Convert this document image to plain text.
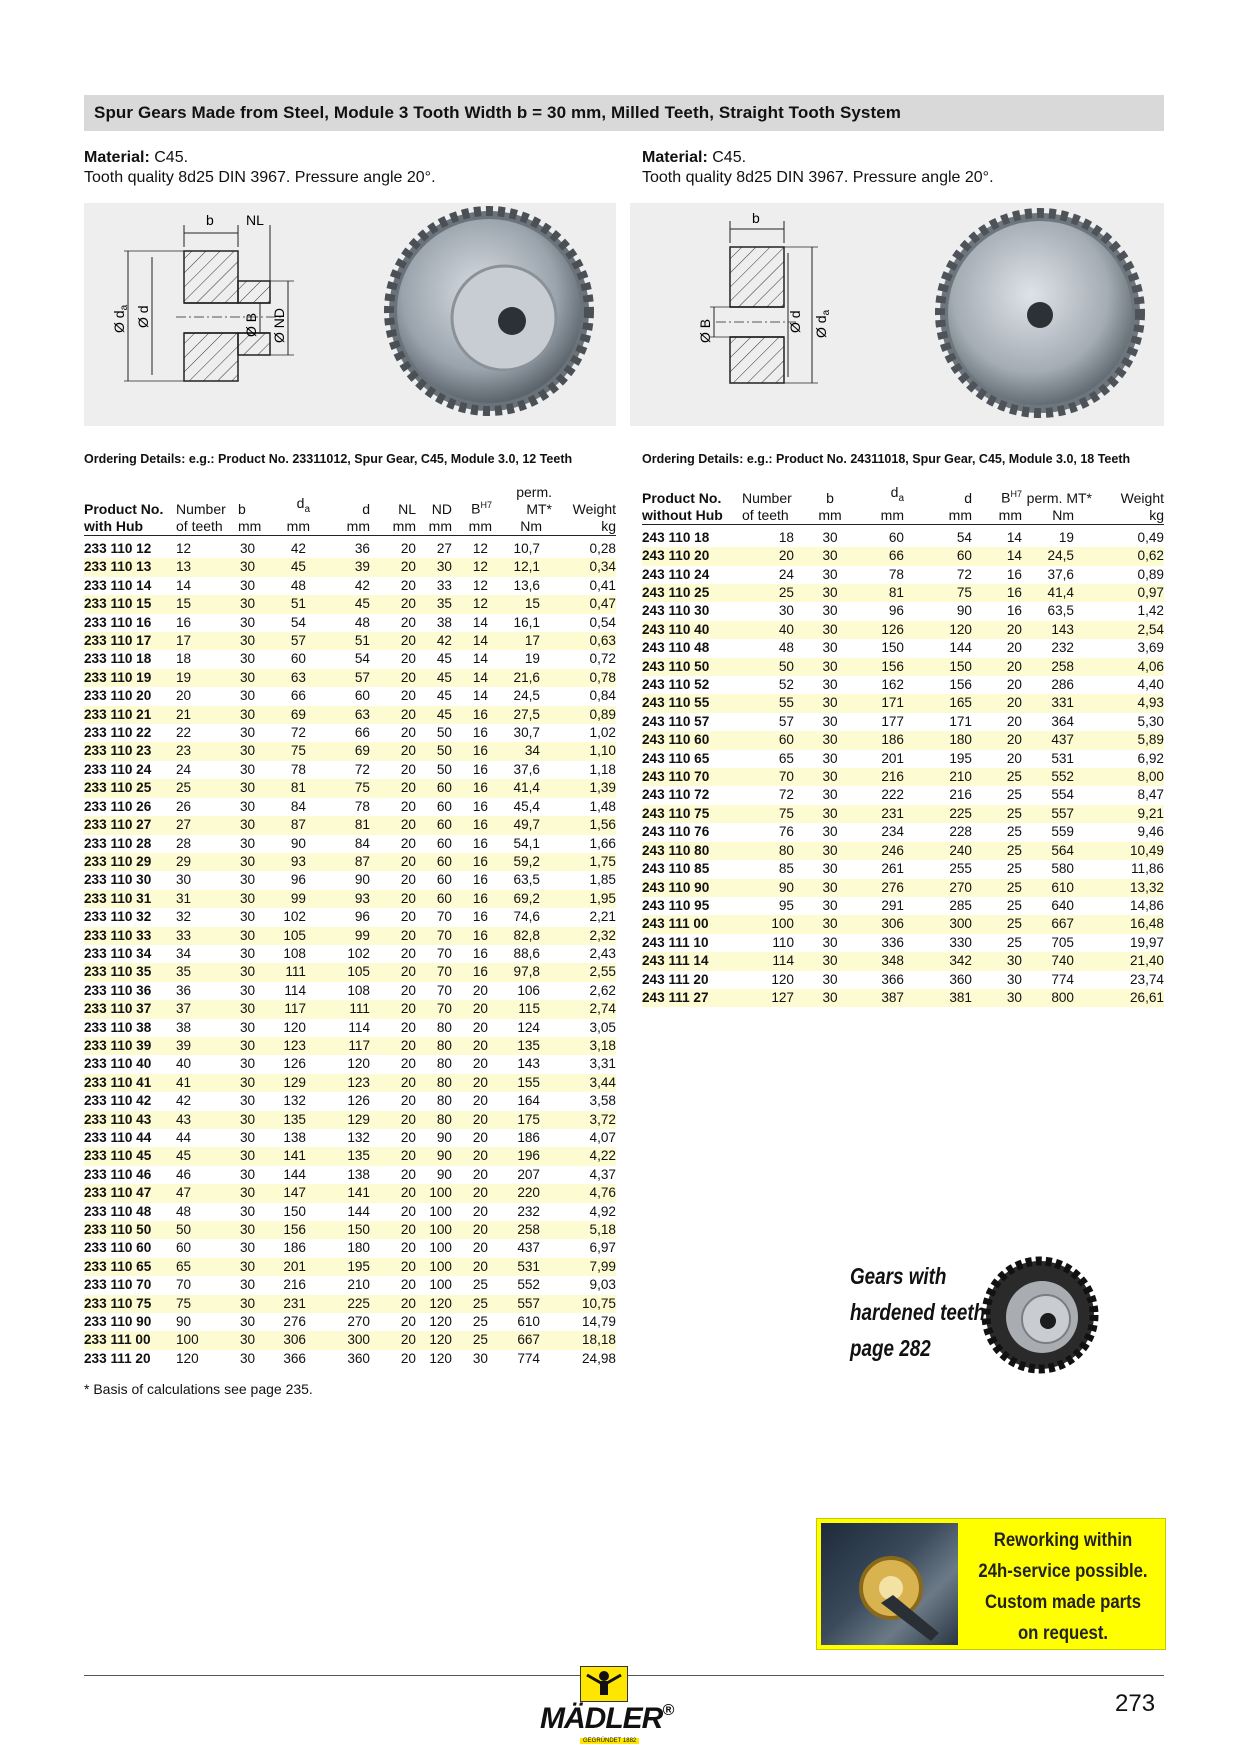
Spur Gears Made from Steel, Module 3 Tooth Width b = 30 mm, Milled Teeth, Straight Tooth System
Material: C45.
Tooth quality 8d25 DIN 3967. Pressure angle 20°.
Material: C45.
Tooth quality 8d25 DIN 3967. Pressure angle 20°.
b NL
Ø $d_a$ Ø d	Ø B Ø ND
b
Ø B	Ø d Ø $d_a$
Ordering Details: e.g.: Product No. 23311012, Spur Gear, C45, Module 3.0, 12 Teeth	Ordering Details: e.g.: Product No. 24311018, Spur Gear, C45, Module 3.0, 18 Teeth
Product No.	Number	b	$d_a$	d	NL	ND	$B^{H7}$	perm. MT*	Weight
with Hub	of teeth	mm	mm	mm	mm	mm	mm	Nm	kg
233 110 12	12	30	42	36	20	27	12	10,7	0,28
233 110 13	13	30	45	39	20	30	12	12,1	0,34
233 110 14	14	30	48	42	20	33	12	13,6	0,41
233 110 15	15	30	51	45	20	35	12	15	0,47
233 110 16	16	30	54	48	20	38	14	16,1	0,54
233 110 17	17	30	57	51	20	42	14	17	0,63
233 110 18	18	30	60	54	20	45	14	19	0,72
233 110 19	19	30	63	57	20	45	14	21,6	0,78
233 110 20	20	30	66	60	20	45	14	24,5	0,84
233 110 21	21	30	69	63	20	45	16	27,5	0,89
233 110 22	22	30	72	66	20	50	16	30,7	1,02
233 110 23	23	30	75	69	20	50	16	34	1,10
233 110 24	24	30	78	72	20	50	16	37,6	1,18
233 110 25	25	30	81	75	20	60	16	41,4	1,39
233 110 26	26	30	84	78	20	60	16	45,4	1,48
233 110 27	27	30	87	81	20	60	16	49,7	1,56
233 110 28	28	30	90	84	20	60	16	54,1	1,66
233 110 29	29	30	93	87	20	60	16	59,2	1,75
233 110 30	30	30	96	90	20	60	16	63,5	1,85
233 110 31	31	30	99	93	20	60	16	69,2	1,95
233 110 32	32	30	102	96	20	70	16	74,6	2,21
233 110 33	33	30	105	99	20	70	16	82,8	2,32
233 110 34	34	30	108	102	20	70	16	88,6	2,43
233 110 35	35	30	111	105	20	70	16	97,8	2,55
233 110 36	36	30	114	108	20	70	20	106	2,62
233 110 37	37	30	117	111	20	70	20	115	2,74
233 110 38	38	30	120	114	20	80	20	124	3,05
233 110 39	39	30	123	117	20	80	20	135	3,18
233 110 40	40	30	126	120	20	80	20	143	3,31
233 110 41	41	30	129	123	20	80	20	155	3,44
233 110 42	42	30	132	126	20	80	20	164	3,58
233 110 43	43	30	135	129	20	80	20	175	3,72
233 110 44	44	30	138	132	20	90	20	186	4,07
233 110 45	45	30	141	135	20	90	20	196	4,22
233 110 46	46	30	144	138	20	90	20	207	4,37
233 110 47	47	30	147	141	20	100	20	220	4,76
233 110 48	48	30	150	144	20	100	20	232	4,92
233 110 50	50	30	156	150	20	100	20	258	5,18
233 110 60	60	30	186	180	20	100	20	437	6,97
233 110 65	65	30	201	195	20	100	20	531	7,99
233 110 70	70	30	216	210	20	100	25	552	9,03
233 110 75	75	30	231	225	20	120	25	557	10,75
233 110 90	90	30	276	270	20	120	25	610	14,79
233 111 00	100	30	306	300	20	120	25	667	18,18
233 111 20	120	30	366	360	20	120	30	774	24,98
Product No.	Number	b	$d_a$	d	$B^{H7}$	perm. MT*	Weight
without Hub	of teeth	mm	mm	mm	mm	Nm	kg
243 110 18	18	30	60	54	14	19	0,49
243 110 20	20	30	66	60	14	24,5	0,62
243 110 24	24	30	78	72	16	37,6	0,89
243 110 25	25	30	81	75	16	41,4	0,97
243 110 30	30	30	96	90	16	63,5	1,42
243 110 40	40	30	126	120	20	143	2,54
243 110 48	48	30	150	144	20	232	3,69
243 110 50	50	30	156	150	20	258	4,06
243 110 52	52	30	162	156	20	286	4,40
243 110 55	55	30	171	165	20	331	4,93
243 110 57	57	30	177	171	20	364	5,30
243 110 60	60	30	186	180	20	437	5,89
243 110 65	65	30	201	195	20	531	6,92
243 110 70	70	30	216	210	25	552	8,00
243 110 72	72	30	222	216	25	554	8,47
243 110 75	75	30	231	225	25	557	9,21
243 110 76	76	30	234	228	25	559	9,46
243 110 80	80	30	246	240	25	564	10,49
243 110 85	85	30	261	255	25	580	11,86
243 110 90	90	30	276	270	25	610	13,32
243 110 95	95	30	291	285	25	640	14,86
243 111 00	100	30	306	300	25	667	16,48
243 111 10	110	30	336	330	25	705	19,97
243 111 14	114	30	348	342	30	740	21,40
243 111 20	120	30	366	360	30	774	23,74
243 111 27	127	30	387	381	30	800	26,61
* Basis of calculations see page 235.
Gears with
hardened teeth
page 282
Reworking within
24h-service possible.
Custom made parts
on request.
MÄDLER®
GEGRÜNDET 1882
273
